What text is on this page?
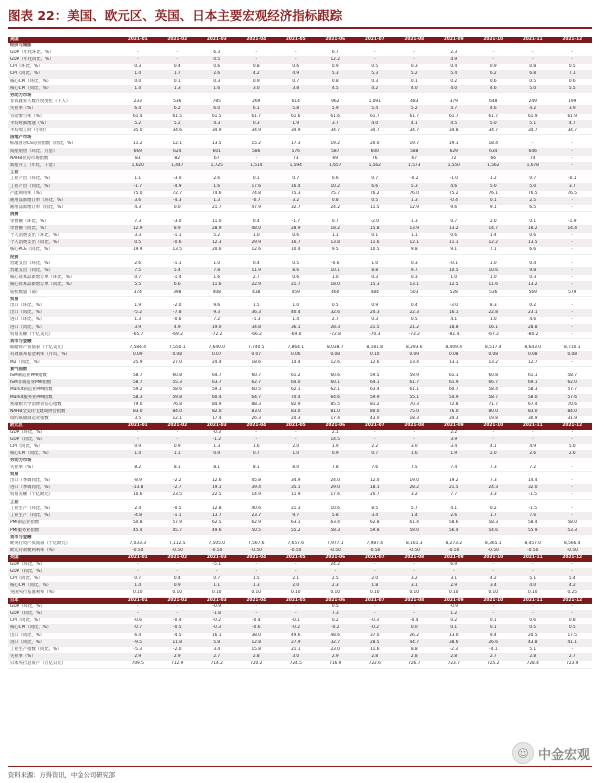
图表 22：美国、欧元区、英国、日本主要宏观经济指标跟踪
美国	2021-01	2021-02	2021-03	2021-04	2021-05	2021-06	2021-07	2021-08	2021-09	2021-10	2021-11	2021-12
经济与通胀												
GDP（年化环比，%）	-	-	6.3	-	-	6.7	-	-	2.3	-	-	-
GDP（年化同比，%）	-	-	0.5	-	-	12.2	-	-	4.9	-	-	-
CPI（环比，%）	0.3	0.4	0.6	0.8	0.6	0.9	0.5	0.3	0.4	0.9	0.8	0.5
CPI（同比，%）	1.4	1.7	2.6	4.2	4.9	5.3	5.3	5.2	5.4	6.2	6.8	7.1
核心CPI（环比，%）	0.0	0.1	0.3	0.9	0.7	0.8	0.3	0.1	0.2	0.6	0.5	0.6
核心CPI（同比，%）	1.4	1.3	1.6	3.0	3.8	4.5	4.2	4.0	4.0	4.6	5.0	5.5
劳动力市场												
非农就业人数月度变化（千人）	233	536	785	269	614	962	1,091	483	379	648	249	199
失业率（%）	6.4	6.2	6.0	6.1	5.8	5.9	5.4	5.2	4.7	4.6	4.2	3.9
劳动参与率（%）	61.4	61.5	61.5	61.7	61.6	61.6	61.7	61.7	61.7	61.7	61.9	61.9
平均时薪增速（%）	5.2	5.2	4.3	0.3	1.9	3.7	4.0	4.1	4.5	5.0	5.1	4.7
平均周工时（小时）	35.0	34.6	34.9	34.9	34.9	34.7	34.7	34.7	34.8	34.7	34.7	34.7
房地产市场												
标准普尔CS房价指数（同比，%）	11.2	12.1	13.5	15.2	17.3	19.2	20.0	19.7	19.1	18.4	-	-
成屋销售（环比，万套）	669	624	601	586	576	587	600	588	629	634	646	-
NAHB住房市场指数	83	82	67	-	73	69	76	67	72	66	74	-
新屋开工（年化，千套）	1,620	1,447	1,725	1,514	1,594	1,657	1,562	1,573	1,550	1,562	1,678	-
工业												
工业产出（环比，%）	1.1	-3.0	2.6	0.1	0.7	0.6	0.7	-0.2	-1.0	1.2	0.7	-0.1
工业产出（同比，%）	-1.7	-4.9	1.6	17.6	16.4	10.2	6.6	5.3	4.6	5.0	5.0	3.7
产能利用率（%）	75.0	72.7	74.6	74.8	75.3	75.7	76.2	76.0	75.2	76.1	76.5	76.5
耐用品新增订单（环比，%）	3.6	-4.3	1.3	-0.7	3.2	0.8	0.5	1.3	-0.4	0.1	2.5	-
耐用品新增订单（同比，%）	4.3	0.0	21.7	47.9	32.7	24.2	11.5	12.9	9.6	9.1	6.5	-
消费												
零售额（环比，%）	7.3	-3.0	11.0	0.4	-1.7	0.7	-2.0	1.3	0.7	2.0	0.1	-1.9
零售额（同比，%）	12.9	8.9	28.9	48.0	28.9	18.2	15.8	13.9	13.2	14.7	18.2	14.4
个人消费支出（环比，%）	3.3	-1.1	5.2	1.0	0.6	1.1	0.1	1.1	0.6	1.4	0.6	-
个人消费支出（同比，%）	0.5	-0.6	12.3	29.9	16.7	13.8	11.6	12.1	11.1	12.2	13.5	-
核心PCE（同比，%）	19.9	13.5	20.6	12.6	10.4	9.5	10.5	9.8	9.1	7.1	6.6	-
投资												
营建支出（环比，%）	2.6	-1.1	1.0	0.4	0.5	-0.6	1.0	0.3	-0.1	1.0	0.4	-
营建支出（同比，%）	7.5	5.4	7.8	11.9	8.6	10.1	8.8	9.7	10.5	10.6	9.8	-
核心资本品新增订单（环比，%）	0.7	-1.4	1.6	2.7	0.6	1.0	0.3	0.3	1.0	1.0	0.3	-
核心资本品新增订单（同比，%）	5.5	6.6	11.6	22.9	21.7	18.0	15.3	13.1	12.5	11.6	13.2	-
钻机数量（部）	374	398	408	438	459	460	484	503	528	536	569	579
贸易												
出口（环比，%）	1.9	-2.0	9.6	1.5	1.0	0.5	0.9	0.4	-3.0	8.3	0.2	-
出口（同比，%）	-5.2	-7.8	9.3	36.3	40.4	32.6	24.3	22.3	16.1	22.8	23.1	-
进口（环比，%）	1.3	-0.6	7.2	-1.3	1.4	2.7	0.3	0.5	4.1	1.0	4.6	-
进口（同比，%）	3.9	4.9	19.0	34.8	36.1	28.3	21.5	21.2	18.8	16.1	28.8	-
贸易差额（十亿美元）	-65.7	-69.2	-72.2	-66.2	-69.0	-72.8	-70.3	-73.2	-81.4	-67.2	-80.2	-
货币与金融												
联储资产负债表（十亿美元）	7,584.4	7,550.1	7,640.0	7,740.5	7,864.1	8,038.7	8,181.8	8,293.6	8,409.4	8,517.4	8,643.0	8,710.1
有效联邦基金利率（月均，%）	0.09	0.08	0.07	0.07	0.06	0.08	0.10	0.09	0.08	0.08	0.08	0.08
M2（同比，%）	25.9	27.0	24.4	18.6	14.4	12.6	12.6	13.4	13.1	13.2	12.7	-
景气指数												
ISM制造业PMI指数	58.7	60.8	64.7	60.7	61.2	60.6	59.5	59.9	61.1	60.8	61.1	58.7
ISM非制造业PMI指数	58.7	55.3	63.7	62.7	64.0	60.1	64.1	61.7	61.9	66.7	69.1	62.0
Markit制造业PMI指数	59.2	58.6	59.1	60.5	62.1	62.1	63.4	61.1	60.7	58.4	58.3	57.7
Markit服务业PMI指数	58.3	59.8	60.4	64.7	70.4	64.6	59.9	55.1	54.9	58.7	58.0	57.6
密歇根大学消费者信心指数	79.0	76.8	84.9	88.3	82.9	85.5	81.2	70.3	72.8	71.7	67.4	70.6
NAHB全美住宅建商协会指数	83.0	84.0	82.0	83.0	83.0	81.0	80.0	75.0	76.0	80.0	83.0	84.0
纽约联储制造业指数	3.5	12.1	17.4	26.3	24.3	17.4	43.0	18.3	34.3	19.8	30.9	31.9
欧元区	2021-01	2021-02	2021-03	2021-04	2021-05	2021-06	2021-07	2021-08	2021-09	2021-10	2021-11	2021-12
GDP（环比，%）	-	-	-0.3	-	-	2.1	-	-	2.2	-	-	-
GDP（同比，%）	-	-	-1.2	-	-	14.5	-	-	3.9	-	-	-
CPI（同比，%）	0.9	0.9	1.3	1.6	2.0	1.9	2.2	3.0	3.4	4.1	4.9	5.0
核心CPI（同比，%）	1.4	1.1	0.9	0.7	1.0	0.9	0.7	1.6	1.9	2.0	2.6	2.6
劳动力市场												
失业率（%）	8.2	8.1	8.1	8.1	8.0	7.8	7.6	7.5	7.4	7.3	7.2	-
贸易												
出口（季调同比，%）	-8.9	-2.2	12.6	45.8	34.9	24.0	12.0	19.0	19.2	7.3	14.4	-
进口（季调同比，%）	-13.8	-2.7	19.1	39.4	35.1	29.0	18.1	28.2	21.5	24.3	32.0	-
贸易差额（十亿欧元）	10.6	23.5	22.5	14.9	11.9	17.6	20.7	3.2	7.7	3.3	-1.5	-
工业												
工业生产（环比，%）	2.4	-0.5	12.8	40.6	21.3	10.6	8.5	5.7	4.1	0.2	-1.5	-
工业生产（同比，%）	-4.8	-1.1	13.7	23.7	9.7	5.8	3.4	1.4	2.6	1.7	7.6	-
PMI制造业指数	54.8	57.9	62.5	62.9	63.1	63.4	62.8	61.4	58.6	58.3	58.4	58.0
PMI服务业指数	45.4	45.7	49.6	50.5	55.2	58.3	59.8	59.0	56.4	54.6	55.9	53.3
货币与金融												
欧央行资产负债表（十亿欧元）	7,033.3	7,112.5	7,505.0	7,567.6	7,657.6	7,977.1	7,987.4	8,161.3	8,273.2	8,365.1	8,457.0	8,566.4
欧元存款便利利率（%）	-0.50	-0.50	-0.50	-0.50	-0.50	-0.50	-0.50	-0.50	-0.50	-0.50	-0.50	-0.50
英国	2021-01	2021-02	2021-03	2021-04	2021-05	2021-06	2021-07	2021-08	2021-09	2021-10	2021-11	2021-12
GDP（环比，%）	-	-	-5.1	-	-	24.2	-	-	6.9	-	-	-
GDP（同比，%）	-	-	-	-	-	-	-	-	-	-	-	-
CPI（同比，%）	0.7	0.4	0.7	1.5	2.1	2.5	2.0	3.2	3.1	4.2	5.1	5.4
核心CPI（同比，%）	1.4	0.9	1.1	1.3	2.0	2.3	1.8	3.1	2.9	3.4	4.0	4.2
英国央行基准利率（%）	0.10	0.10	0.10	0.10	0.10	0.10	0.10	0.10	0.10	0.10	0.10	0.25
日本	2021-01	2021-02	2021-03	2021-04	2021-05	2021-06	2021-07	2021-08	2021-09	2021-10	2021-11	2021-12
GDP（环比，%）	-	-	-0.9	-	-	0.5	-	-	-0.9	-	-	-
GDP（同比，%）	-	-	-1.8	-	-	7.3	-	-	1.2	-	-	-
CPI（同比，%）	-0.6	-0.4	-0.2	-0.4	-0.1	0.2	-0.3	-0.4	0.2	0.1	0.6	0.8
核心CPI（同比，%）	-0.7	-0.5	-0.3	-0.6	-0.2	-0.2	-0.2	0.0	0.1	0.1	0.5	0.5
出口（同比，%）	6.4	-4.5	16.1	38.0	49.6	48.6	37.0	26.2	13.0	9.4	20.5	17.5
进口（同比，%）	-9.5	11.8	5.8	12.8	27.9	32.7	28.5	44.7	38.6	26.6	43.8	41.1
工业生产指数（同比，%）	-5.3	-2.0	3.4	15.8	21.1	23.0	11.6	8.8	-2.3	-4.1	5.1	-
失业率（%）	2.9	2.9	2.7	2.8	3.0	2.9	2.8	2.8	2.8	2.7	2.8	2.7
日本央行总资产（万亿日元）	709.5	712.9	714.2	720.2	724.5	716.9	722.6	726.7	723.7	725.2	728.4	723.9
资料来源：万得资讯，中金公司研究部
☺ 中金宏观
